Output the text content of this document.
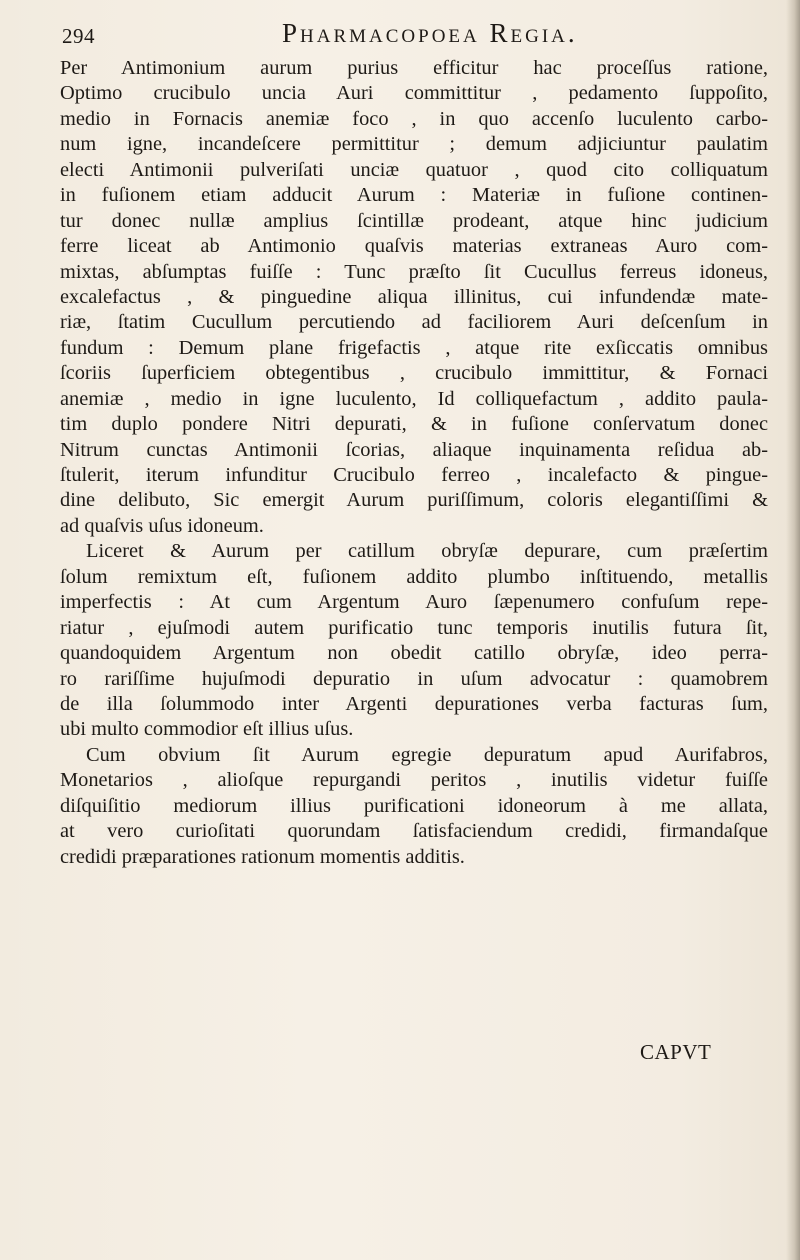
294	Pharmacopoea Regia.
Per Antimonium aurum purius efficitur hac proceſſus ratione,
Optimo crucibulo uncia Auri committitur , pedamento ſuppoſito,
medio in Fornacis anemiæ foco , in quo accenſo luculento carbo-
num igne, incandeſcere permittitur ; demum adjiciuntur paulatim
electi Antimonii pulveriſati unciæ quatuor , quod cito colliquatum
in fuſionem etiam adducit Aurum : Materiæ in fuſione continen-
tur donec nullæ amplius ſcintillæ prodeant, atque hinc judicium
ferre liceat ab Antimonio quaſvis materias extraneas Auro com-
mixtas, abſumptas fuiſſe : Tunc præſto ſit Cucullus ferreus idoneus,
excalefactus , & pinguedine aliqua illinitus, cui infundendæ mate-
riæ, ſtatim Cucullum percutiendo ad faciliorem Auri deſcenſum in
fundum : Demum plane frigefactis , atque rite exſiccatis omnibus
ſcoriis ſuperficiem obtegentibus , crucibulo immittitur, & Fornaci
anemiæ , medio in igne luculento, Id colliquefactum , addito paula-
tim duplo pondere Nitri depurati, & in fuſione conſervatum donec
Nitrum cunctas Antimonii ſcorias, aliaque inquinamenta reſidua ab-
ſtulerit, iterum infunditur Crucibulo ferreo , incalefacto & pingue-
dine delibuto, Sic emergit Aurum puriſſimum, coloris elegantiſſimi &
ad quaſvis uſus idoneum.
Liceret & Aurum per catillum obryſæ depurare, cum præſertim
ſolum remixtum eſt, fuſionem addito plumbo inſtituendo, metallis
imperfectis : At cum Argentum Auro ſæpenumero confuſum repe-
riatur , ejuſmodi autem purificatio tunc temporis inutilis futura ſit,
quandoquidem Argentum non obedit catillo obryſæ, ideo perra-
ro rariſſime hujuſmodi depuratio in uſum advocatur : quamobrem
de illa ſolummodo inter Argenti depurationes verba facturas ſum,
ubi multo commodior eſt illius uſus.
Cum obvium ſit Aurum egregie depuratum apud Aurifabros,
Monetarios , alioſque repurgandi peritos , inutilis videtur fuiſſe
diſquiſitio mediorum illius purificationi idoneorum à me allata,
at vero curioſitati quorundam ſatisfaciendum credidi, firmandaſque
credidi præparationes rationum momentis additis.
CAPVT
